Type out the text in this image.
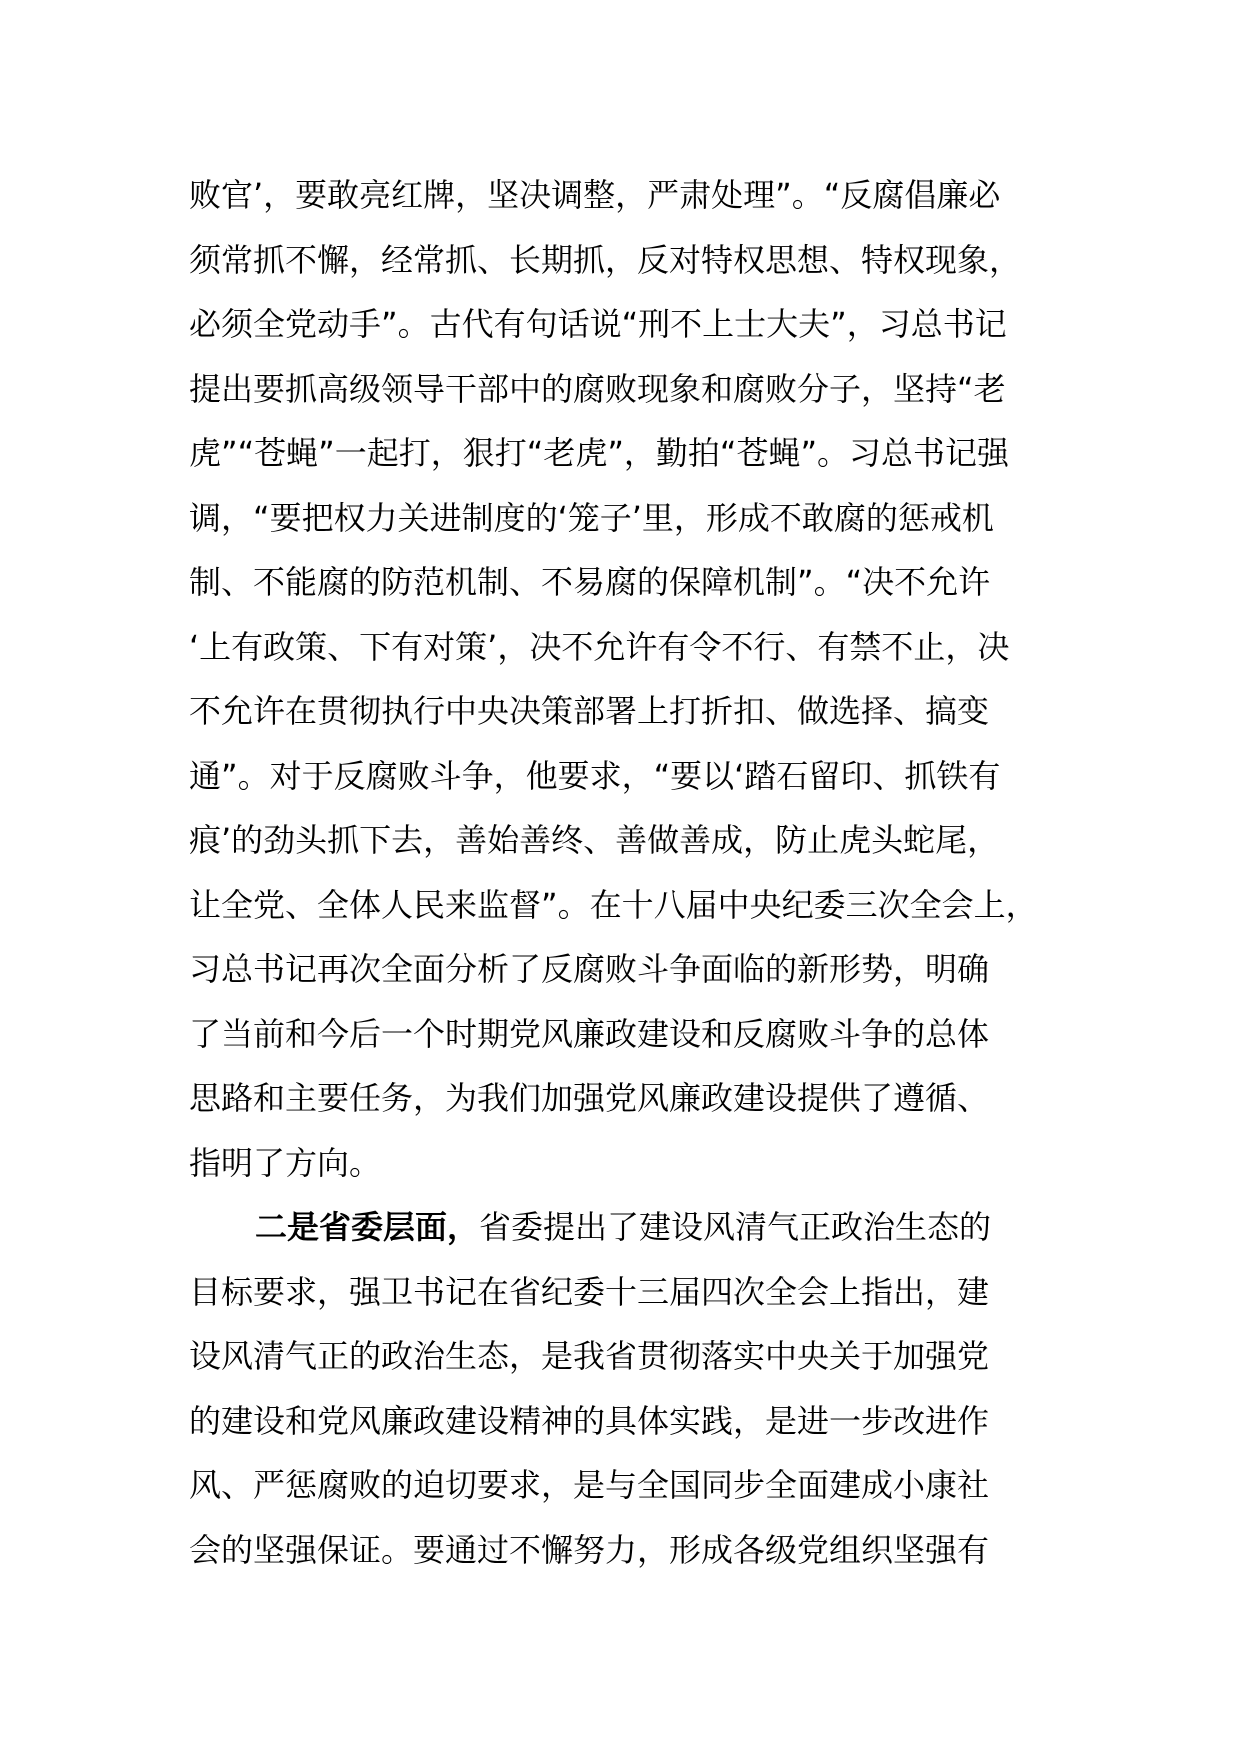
败官’，要敢亮红牌，坚决调整，严肃处理”。“反腐倡廉必
须常抓不懈，经常抓、长期抓，反对特权思想、特权现象，
必须全党动手”。古代有句话说“刑不上士大夫”，习总书记
提出要抓高级领导干部中的腐败现象和腐败分子，坚持“老
虎”“苍蝇”一起打，狠打“老虎”，勤拍“苍蝇”。习总书记强
调，“要把权力关进制度的‘笼子’里，形成不敢腐的惩戒机
制、不能腐的防范机制、不易腐的保障机制”。“决不允许
‘上有政策、下有对策’，决不允许有令不行、有禁不止，决
不允许在贯彻执行中央决策部署上打折扣、做选择、搞变
通”。对于反腐败斗争，他要求，“要以‘踏石留印、抓铁有
痕’的劲头抓下去，善始善终、善做善成，防止虎头蛇尾，
让全党、全体人民来监督”。在十八届中央纪委三次全会上，
习总书记再次全面分析了反腐败斗争面临的新形势，明确
了当前和今后一个时期党风廉政建设和反腐败斗争的总体
思路和主要任务，为我们加强党风廉政建设提供了遵循、
指明了方向。
二是省委层面，省委提出了建设风清气正政治生态的
目标要求，强卫书记在省纪委十三届四次全会上指出，建
设风清气正的政治生态，是我省贯彻落实中央关于加强党
的建设和党风廉政建设精神的具体实践，是进一步改进作
风、严惩腐败的迫切要求，是与全国同步全面建成小康社
会的坚强保证。要通过不懈努力，形成各级党组织坚强有
